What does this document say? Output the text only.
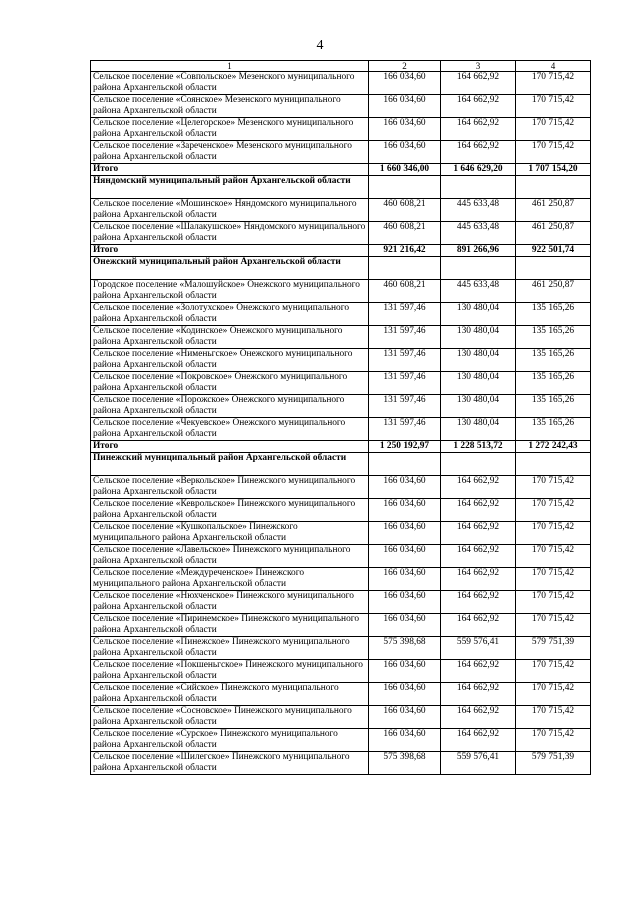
4
1	2	3	4
Сельское поселение «Совпольское» Мезенского муниципального района Архангельской области	166 034,60	164 662,92	170 715,42
Сельское поселение «Соянское» Мезенского муниципального района Архангельской области	166 034,60	164 662,92	170 715,42
Сельское поселение «Целегорское» Мезенского муниципального района Архангельской области	166 034,60	164 662,92	170 715,42
Сельское поселение «Зареченское» Мезенского муниципального района Архангельской области	166 034,60	164 662,92	170 715,42
Итого	1 660 346,00	1 646 629,20	1 707 154,20
Няндомский муниципальный район Архангельской области			
Сельское поселение «Мошинское» Няндомского муниципального района Архангельской области	460 608,21	445 633,48	461 250,87
Сельское поселение «Шалакушское» Няндомского муниципального района Архангельской области	460 608,21	445 633,48	461 250,87
Итого	921 216,42	891 266,96	922 501,74
Онежский муниципальный район Архангельской области			
Городское поселение «Малошуйское» Онежского муниципального района Архангельской области	460 608,21	445 633,48	461 250,87
Сельское поселение «Золотухское» Онежского муниципального района Архангельской области	131 597,46	130 480,04	135 165,26
Сельское поселение «Кодинское» Онежского муниципального района Архангельской области	131 597,46	130 480,04	135 165,26
Сельское поселение «Нименьгское» Онежского муниципального района Архангельской области	131 597,46	130 480,04	135 165,26
Сельское поселение «Покровское» Онежского муниципального района Архангельской области	131 597,46	130 480,04	135 165,26
Сельское поселение «Порожское» Онежского муниципального района Архангельской области	131 597,46	130 480,04	135 165,26
Сельское поселение «Чекуевское» Онежского муниципального района Архангельской области	131 597,46	130 480,04	135 165,26
Итого	1 250 192,97	1 228 513,72	1 272 242,43
Пинежский муниципальный район Архангельской области			
Сельское поселение «Веркольское» Пинежского муниципального района Архангельской области	166 034,60	164 662,92	170 715,42
Сельское поселение «Кеврольское» Пинежского муниципального района Архангельской области	166 034,60	164 662,92	170 715,42
Сельское поселение «Кушкопальское» Пинежского муниципального района Архангельской области	166 034,60	164 662,92	170 715,42
Сельское поселение «Лавельское» Пинежского муниципального района Архангельской области	166 034,60	164 662,92	170 715,42
Сельское поселение «Междуреченское» Пинежского муниципального района Архангельской области	166 034,60	164 662,92	170 715,42
Сельское поселение «Нюхченское» Пинежского муниципального района Архангельской области	166 034,60	164 662,92	170 715,42
Сельское поселение «Пиринемское» Пинежского муниципального района Архангельской области	166 034,60	164 662,92	170 715,42
Сельское поселение «Пинежское» Пинежского муниципального района Архангельской области	575 398,68	559 576,41	579 751,39
Сельское поселение «Покшеньгское» Пинежского муниципального района Архангельской области	166 034,60	164 662,92	170 715,42
Сельское поселение «Сийское» Пинежского муниципального района Архангельской области	166 034,60	164 662,92	170 715,42
Сельское поселение «Сосновское» Пинежского муниципального района Архангельской области	166 034,60	164 662,92	170 715,42
Сельское поселение «Сурское» Пинежского муниципального района Архангельской области	166 034,60	164 662,92	170 715,42
Сельское поселение «Шилегское» Пинежского муниципального района Архангельской области	575 398,68	559 576,41	579 751,39
